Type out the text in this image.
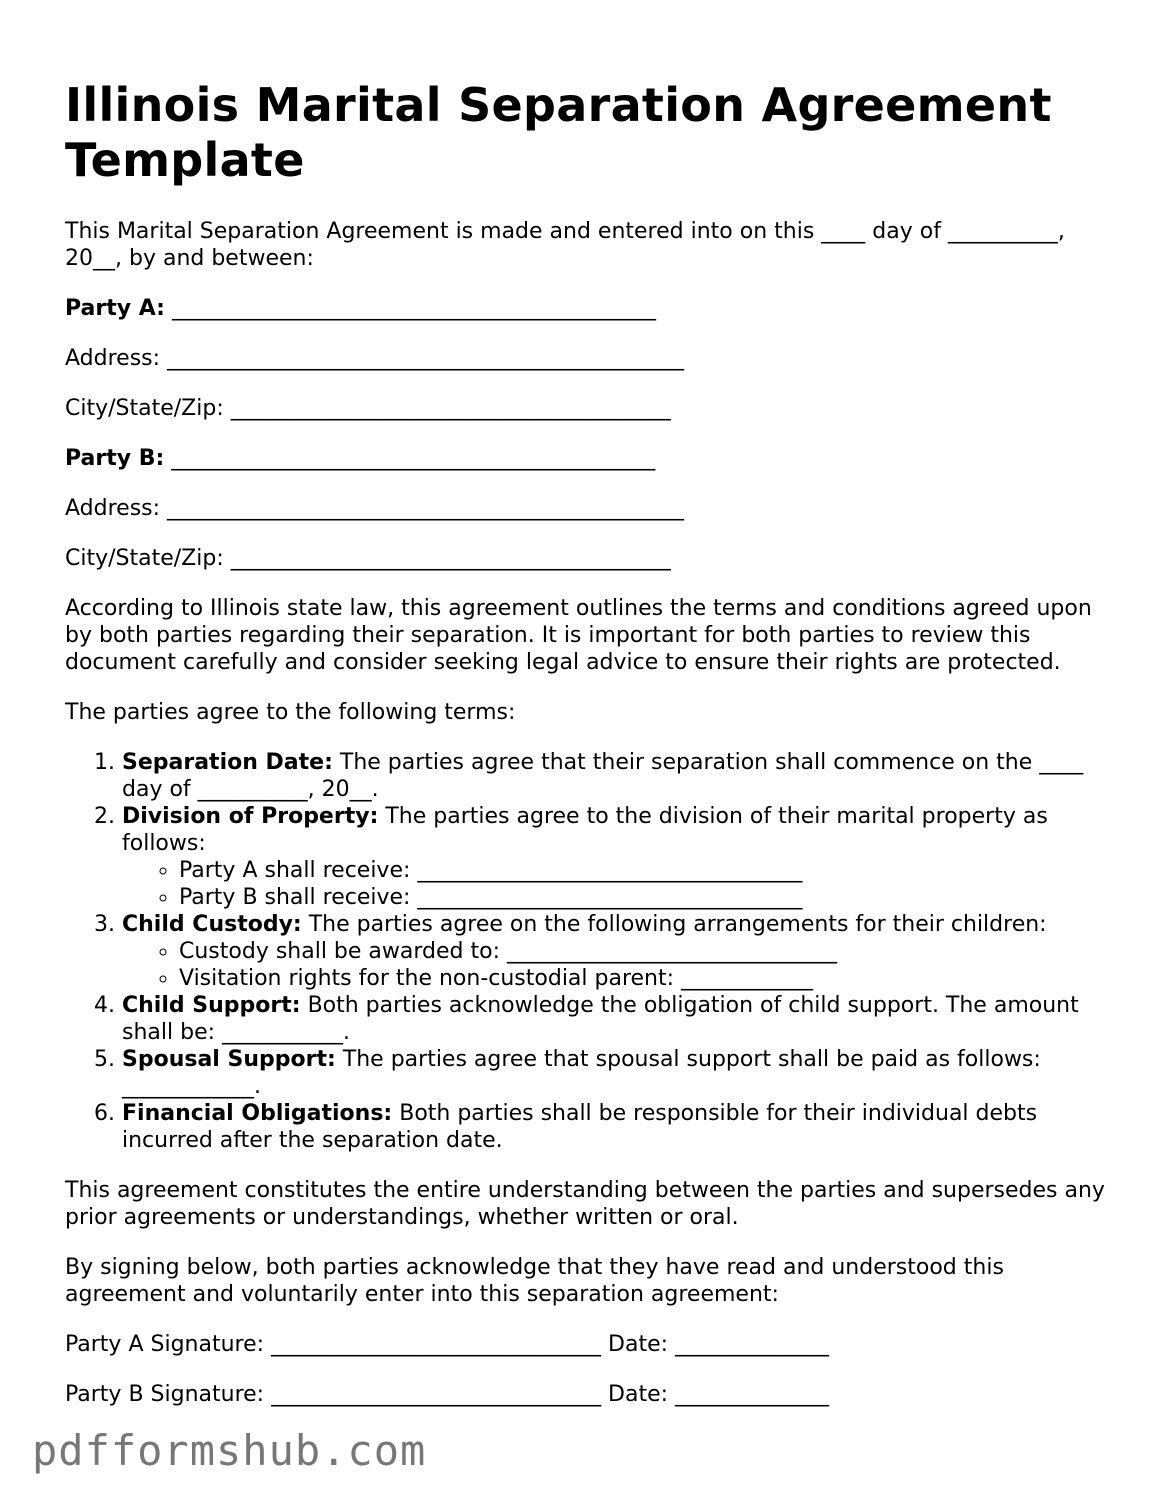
Illinois Marital Separation Agreement Template

This Marital Separation Agreement is made and entered into on this ____ day of __________, 20__, by and between:

Party A: ____________________________________________
Address: _______________________________________________
City/State/Zip: ________________________________________
Party B: ____________________________________________
Address: _______________________________________________
City/State/Zip: ________________________________________

According to Illinois state law, this agreement outlines the terms and conditions agreed upon by both parties regarding their separation. It is important for both parties to review this document carefully and consider seeking legal advice to ensure their rights are protected.

The parties agree to the following terms:

1. Separation Date: The parties agree that their separation shall commence on the ____ day of __________, 20__.
2. Division of Property: The parties agree to the division of their marital property as follows:
◦ Party A shall receive: ___________________________________
◦ Party B shall receive: ___________________________________
3. Child Custody: The parties agree on the following arrangements for their children:
◦ Custody shall be awarded to: ______________________________
◦ Visitation rights for the non-custodial parent: ____________
4. Child Support: Both parties acknowledge the obligation of child support. The amount shall be: ___________.
5. Spousal Support: The parties agree that spousal support shall be paid as follows: ____________.
6. Financial Obligations: Both parties shall be responsible for their individual debts incurred after the separation date.

This agreement constitutes the entire understanding between the parties and supersedes any prior agreements or understandings, whether written or oral.

By signing below, both parties acknowledge that they have read and understood this agreement and voluntarily enter into this separation agreement:

Party A Signature: ______________________________ Date: ______________
Party B Signature: ______________________________ Date: ______________
pdfformshub.com
